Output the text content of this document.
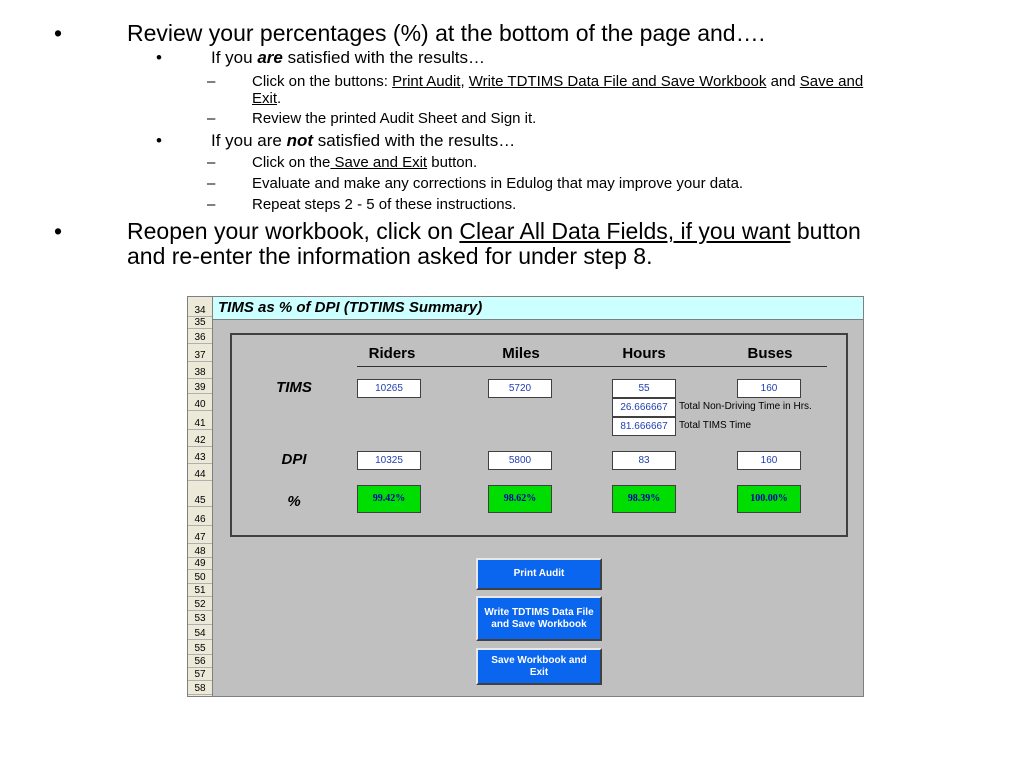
•	Review your percentages (%) at the bottom of the page and….
•	If you are satisfied with the results…
– Click on the buttons: Print Audit, Write TDTIMS Data File and Save Workbook and Save and
Exit.
– Review the printed Audit Sheet and Sign it.
•	If you are not satisfied with the results…
– Click on the Save and Exit button.
– Evaluate and make any corrections in Edulog that may improve your data.
– Repeat steps 2 - 5 of these instructions.
•	Reopen your workbook, click on Clear All Data Fields, if you want button
and re-enter the information asked for under step 8.
34
35
36
37
38
39
40
41
42
43
44
45
46
47
48
49
50
51
52
53
54
55
56
57
58
TIMS as % of DPI (TDTIMS Summary)
Riders	Miles	Hours	Buses
TIMS	10265	5720	55	160
26.666667	Total Non-Driving Time in Hrs.
81.666667	Total TIMS Time
DPI	10325	5800	83	160
%	99.42%	98.62%	98.39%	100.00%
Print Audit
Write TDTIMS Data File and Save Workbook
Save Workbook and Exit
